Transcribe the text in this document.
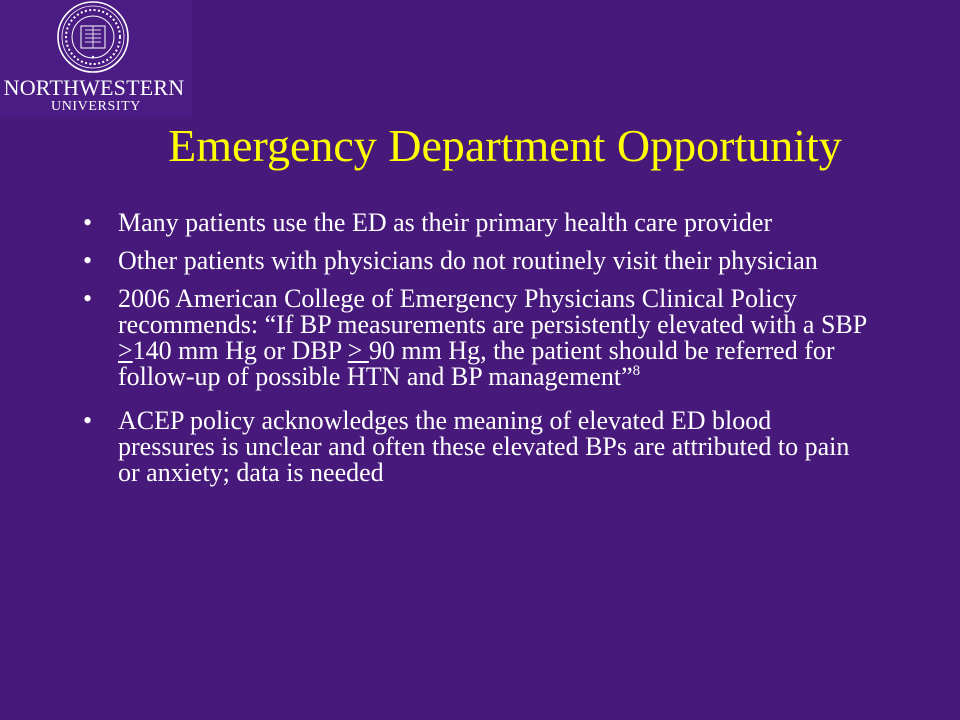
NORTHWESTERN
UNIVERSITY
Emergency Department Opportunity
• Many patients use the ED as their primary health care provider
• Other patients with physicians do not routinely visit their physician
• 2006 American College of Emergency Physicians Clinical Policy recommends: “If BP measurements are persistently elevated with a SBP >140 mm Hg or DBP > 90 mm Hg, the patient should be referred for follow-up of possible HTN and BP management”$^8$
• ACEP policy acknowledges the meaning of elevated ED blood pressures is unclear and often these elevated BPs are attributed to pain or anxiety; data is needed
